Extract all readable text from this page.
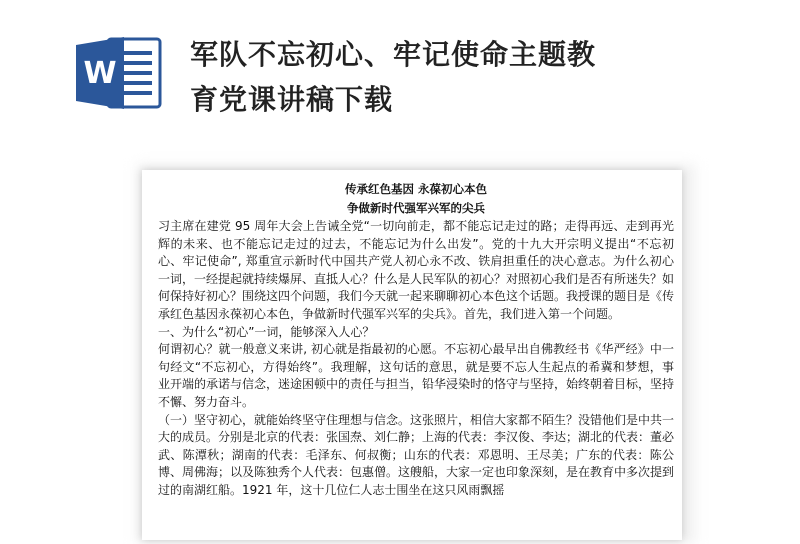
W
军队不忘初心、牢记使命主题教
育党课讲稿下载
传承红色基因 永葆初心本色
争做新时代强军兴军的尖兵

习主席在建党 95 周年大会上告诫全党“一切向前走，都不能忘记走过的路；走得再远、走到再光辉的未来、也不能忘记走过的过去，不能忘记为什么出发”。党的十九大开宗明义提出“不忘初心、牢记使命”, 郑重宣示新时代中国共产党人初心永不改、铁肩担重任的决心意志。为什么初心一词，一经提起就持续爆屏、直抵人心？什么是人民军队的初心？对照初心我们是否有所迷失？如何保持好初心？围绕这四个问题，我们今天就一起来聊聊初心本色这个话题。我授课的题目是《传承红色基因永葆初心本色，争做新时代强军兴军的尖兵》。首先，我们进入第一个问题。

一、为什么“初心”一词，能够深入人心？

何谓初心？就一般意义来讲, 初心就是指最初的心愿。不忘初心最早出自佛教经书《华严经》中一句经文“不忘初心，方得始终”。我理解，这句话的意思，就是要不忘人生起点的希冀和梦想，事业开端的承诺与信念，迷途困顿中的责任与担当，铅华浸染时的恪守与坚持，始终朝着目标，坚持不懈、努力奋斗。

（一）坚守初心，就能始终坚守住理想与信念。这张照片，相信大家都不陌生？没错他们是中共一大的成员。分别是北京的代表：张国焘、刘仁静；上海的代表：李汉俊、李达；湖北的代表：董必武、陈潭秋；湖南的代表：毛泽东、何叔衡；山东的代表：邓恩明、王尽美；广东的代表：陈公博、周佛海；以及陈独秀个人代表：包惠僧。这艘船，大家一定也印象深刻，是在教育中多次提到过的南湖红船。1921 年，这十几位仁人志士围坐在这只风雨飘摇
